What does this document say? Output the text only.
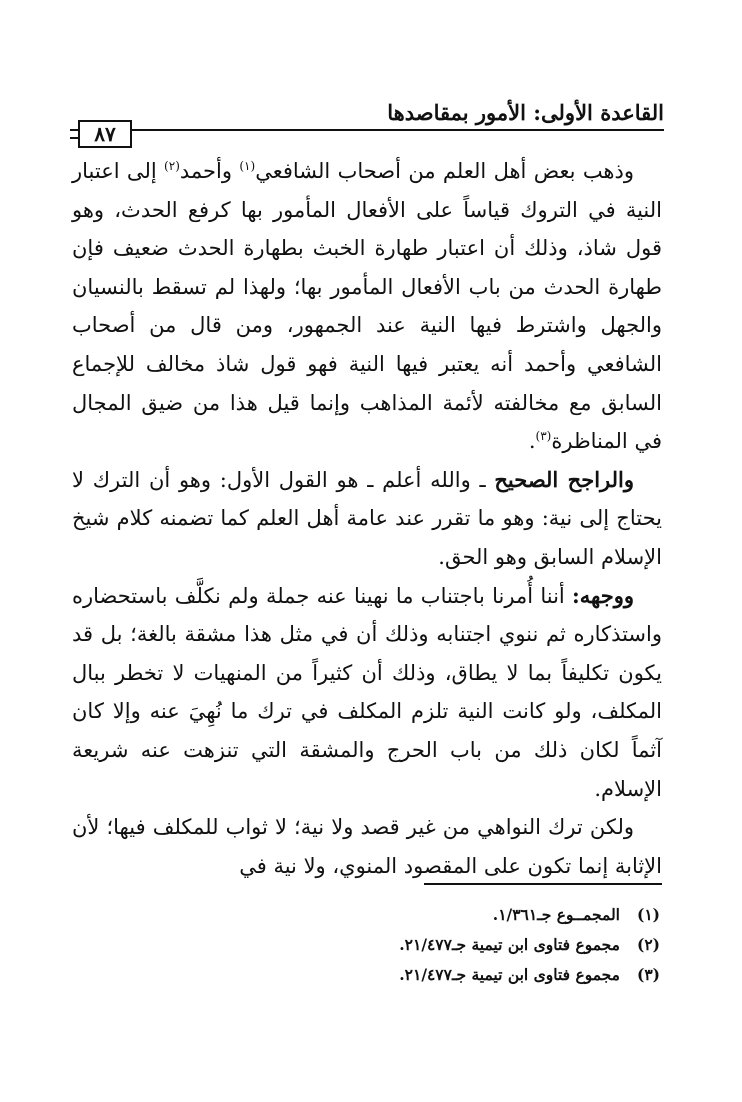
القاعدة الأولى: الأمور بمقاصدها
٨٧

وذهب بعض أهل العلم من أصحاب الشافعي$^{(١)}$ وأحمد$^{(٢)}$ إلى اعتبار النية في التروك قياساً على الأفعال المأمور بها كرفع الحدث، وهو قول شاذ، وذلك أن اعتبار طهارة الخبث بطهارة الحدث ضعيف فإن طهارة الحدث من باب الأفعال المأمور بها؛ ولهذا لم تسقط بالنسيان والجهل واشترط فيها النية عند الجمهور، ومن قال من أصحاب الشافعي وأحمد أنه يعتبر فيها النية فهو قول شاذ مخالف للإجماع السابق مع مخالفته لأئمة المذاهب وإنما قيل هذا من ضيق المجال في المناظرة$^{(٣)}$.

والراجح الصحيح ـ والله أعلم ـ هو القول الأول: وهو أن الترك لا يحتاج إلى نية: وهو ما تقرر عند عامة أهل العلم كما تضمنه كلام شيخ الإسلام السابق وهو الحق.

ووجهه: أننا أُمرنا باجتناب ما نهينا عنه جملة ولم نكلَّف باستحضاره واستذكاره ثم ننوي اجتنابه وذلك أن في مثل هذا مشقة بالغة؛ بل قد يكون تكليفاً بما لا يطاق، وذلك أن كثيراً من المنهيات لا تخطر ببال المكلف، ولو كانت النية تلزم المكلف في ترك ما نُهِيَ عنه وإلا كان آثماً لكان ذلك من باب الحرج والمشقة التي تنزهت عنه شريعة الإسلام.

ولكن ترك النواهي من غير قصد ولا نية؛ لا ثواب للمكلف فيها؛ لأن الإثابة إنما تكون على المقصود المنوي، ولا نية في

(١)
المجمــوع جـ١/٣٦١.
(٢)
مجموع فتاوى ابن تيمية جـ٢١/٤٧٧.
(٣)
مجموع فتاوى ابن تيمية جـ٢١/٤٧٧.
